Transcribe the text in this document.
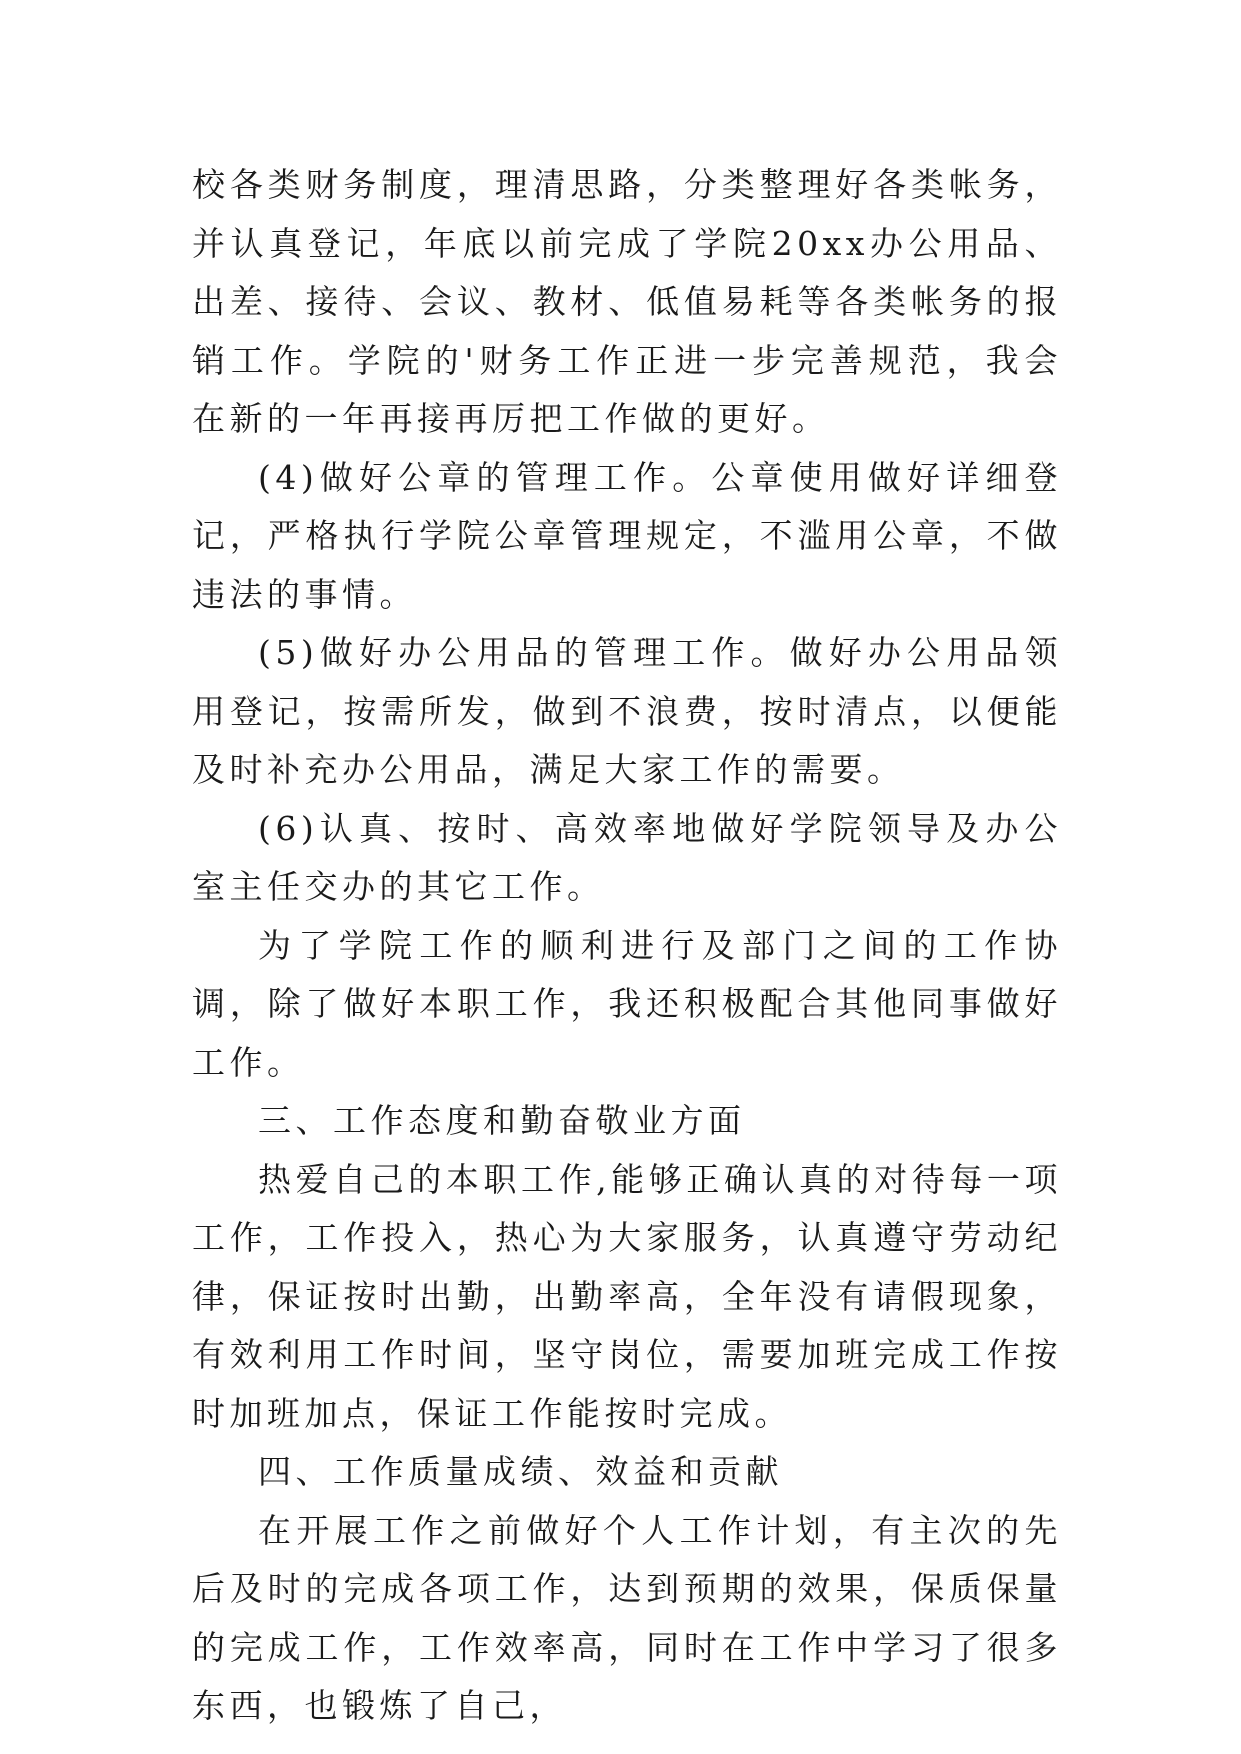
校各类财务制度，理清思路，分类整理好各类帐务，并认真登记，年底以前完成了学院20xx办公用品、出差、接待、会议、教材、低值易耗等各类帐务的报销工作。学院的'财务工作正进一步完善规范，我会在新的一年再接再厉把工作做的更好。

(4)做好公章的管理工作。公章使用做好详细登记，严格执行学院公章管理规定，不滥用公章，不做违法的事情。

(5)做好办公用品的管理工作。做好办公用品领用登记，按需所发，做到不浪费，按时清点，以便能及时补充办公用品，满足大家工作的需要。

(6)认真、按时、高效率地做好学院领导及办公室主任交办的其它工作。

为了学院工作的顺利进行及部门之间的工作协调，除了做好本职工作，我还积极配合其他同事做好工作。

三、工作态度和勤奋敬业方面

热爱自己的本职工作,能够正确认真的对待每一项工作，工作投入，热心为大家服务，认真遵守劳动纪律，保证按时出勤，出勤率高，全年没有请假现象，有效利用工作时间，坚守岗位，需要加班完成工作按时加班加点，保证工作能按时完成。

四、工作质量成绩、效益和贡献

在开展工作之前做好个人工作计划，有主次的先后及时的完成各项工作，达到预期的效果，保质保量的完成工作，工作效率高，同时在工作中学习了很多东西，也锻炼了自己，
